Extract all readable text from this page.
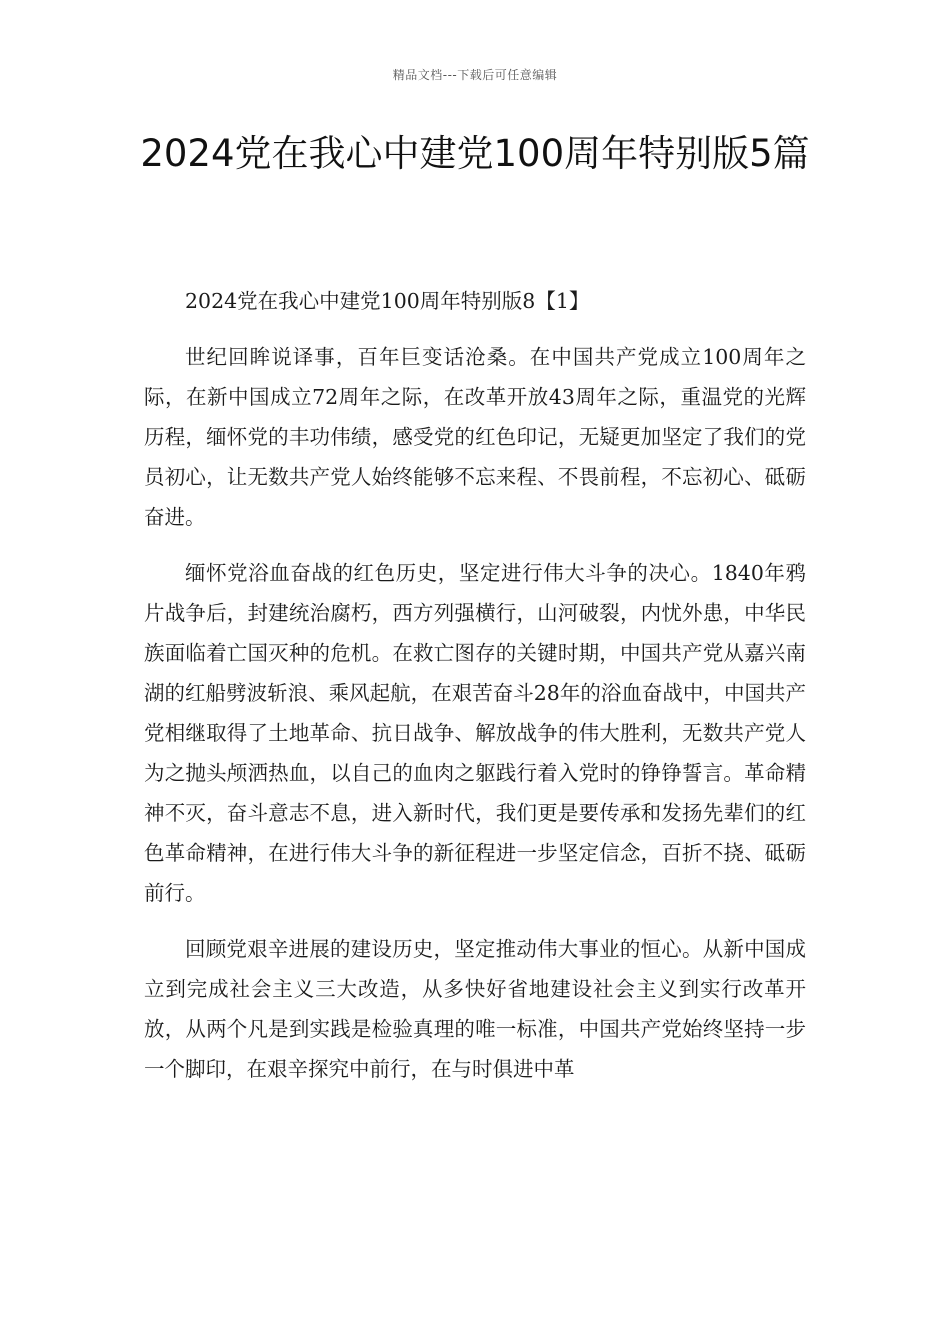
精品文档---下载后可任意编辑
2024党在我心中建党100周年特别版5篇

2024党在我心中建党100周年特别版8【1】

世纪回眸说译事，百年巨变话沧桑。在中国共产党成立100周年之际，在新中国成立72周年之际，在改革开放43周年之际，重温党的光辉历程，缅怀党的丰功伟绩，感受党的红色印记，无疑更加坚定了我们的党员初心，让无数共产党人始终能够不忘来程、不畏前程，不忘初心、砥砺奋进。

缅怀党浴血奋战的红色历史，坚定进行伟大斗争的决心。1840年鸦片战争后，封建统治腐朽，西方列强横行，山河破裂，内忧外患，中华民族面临着亡国灭种的危机。在救亡图存的关键时期，中国共产党从嘉兴南湖的红船劈波斩浪、乘风起航，在艰苦奋斗28年的浴血奋战中，中国共产党相继取得了土地革命、抗日战争、解放战争的伟大胜利，无数共产党人为之抛头颅洒热血，以自己的血肉之躯践行着入党时的铮铮誓言。革命精神不灭，奋斗意志不息，进入新时代，我们更是要传承和发扬先辈们的红色革命精神，在进行伟大斗争的新征程进一步坚定信念，百折不挠、砥砺前行。

回顾党艰辛进展的建设历史，坚定推动伟大事业的恒心。从新中国成立到完成社会主义三大改造，从多快好省地建设社会主义到实行改革开放，从两个凡是到实践是检验真理的唯一标准，中国共产党始终坚持一步一个脚印，在艰辛探究中前行，在与时俱进中革
